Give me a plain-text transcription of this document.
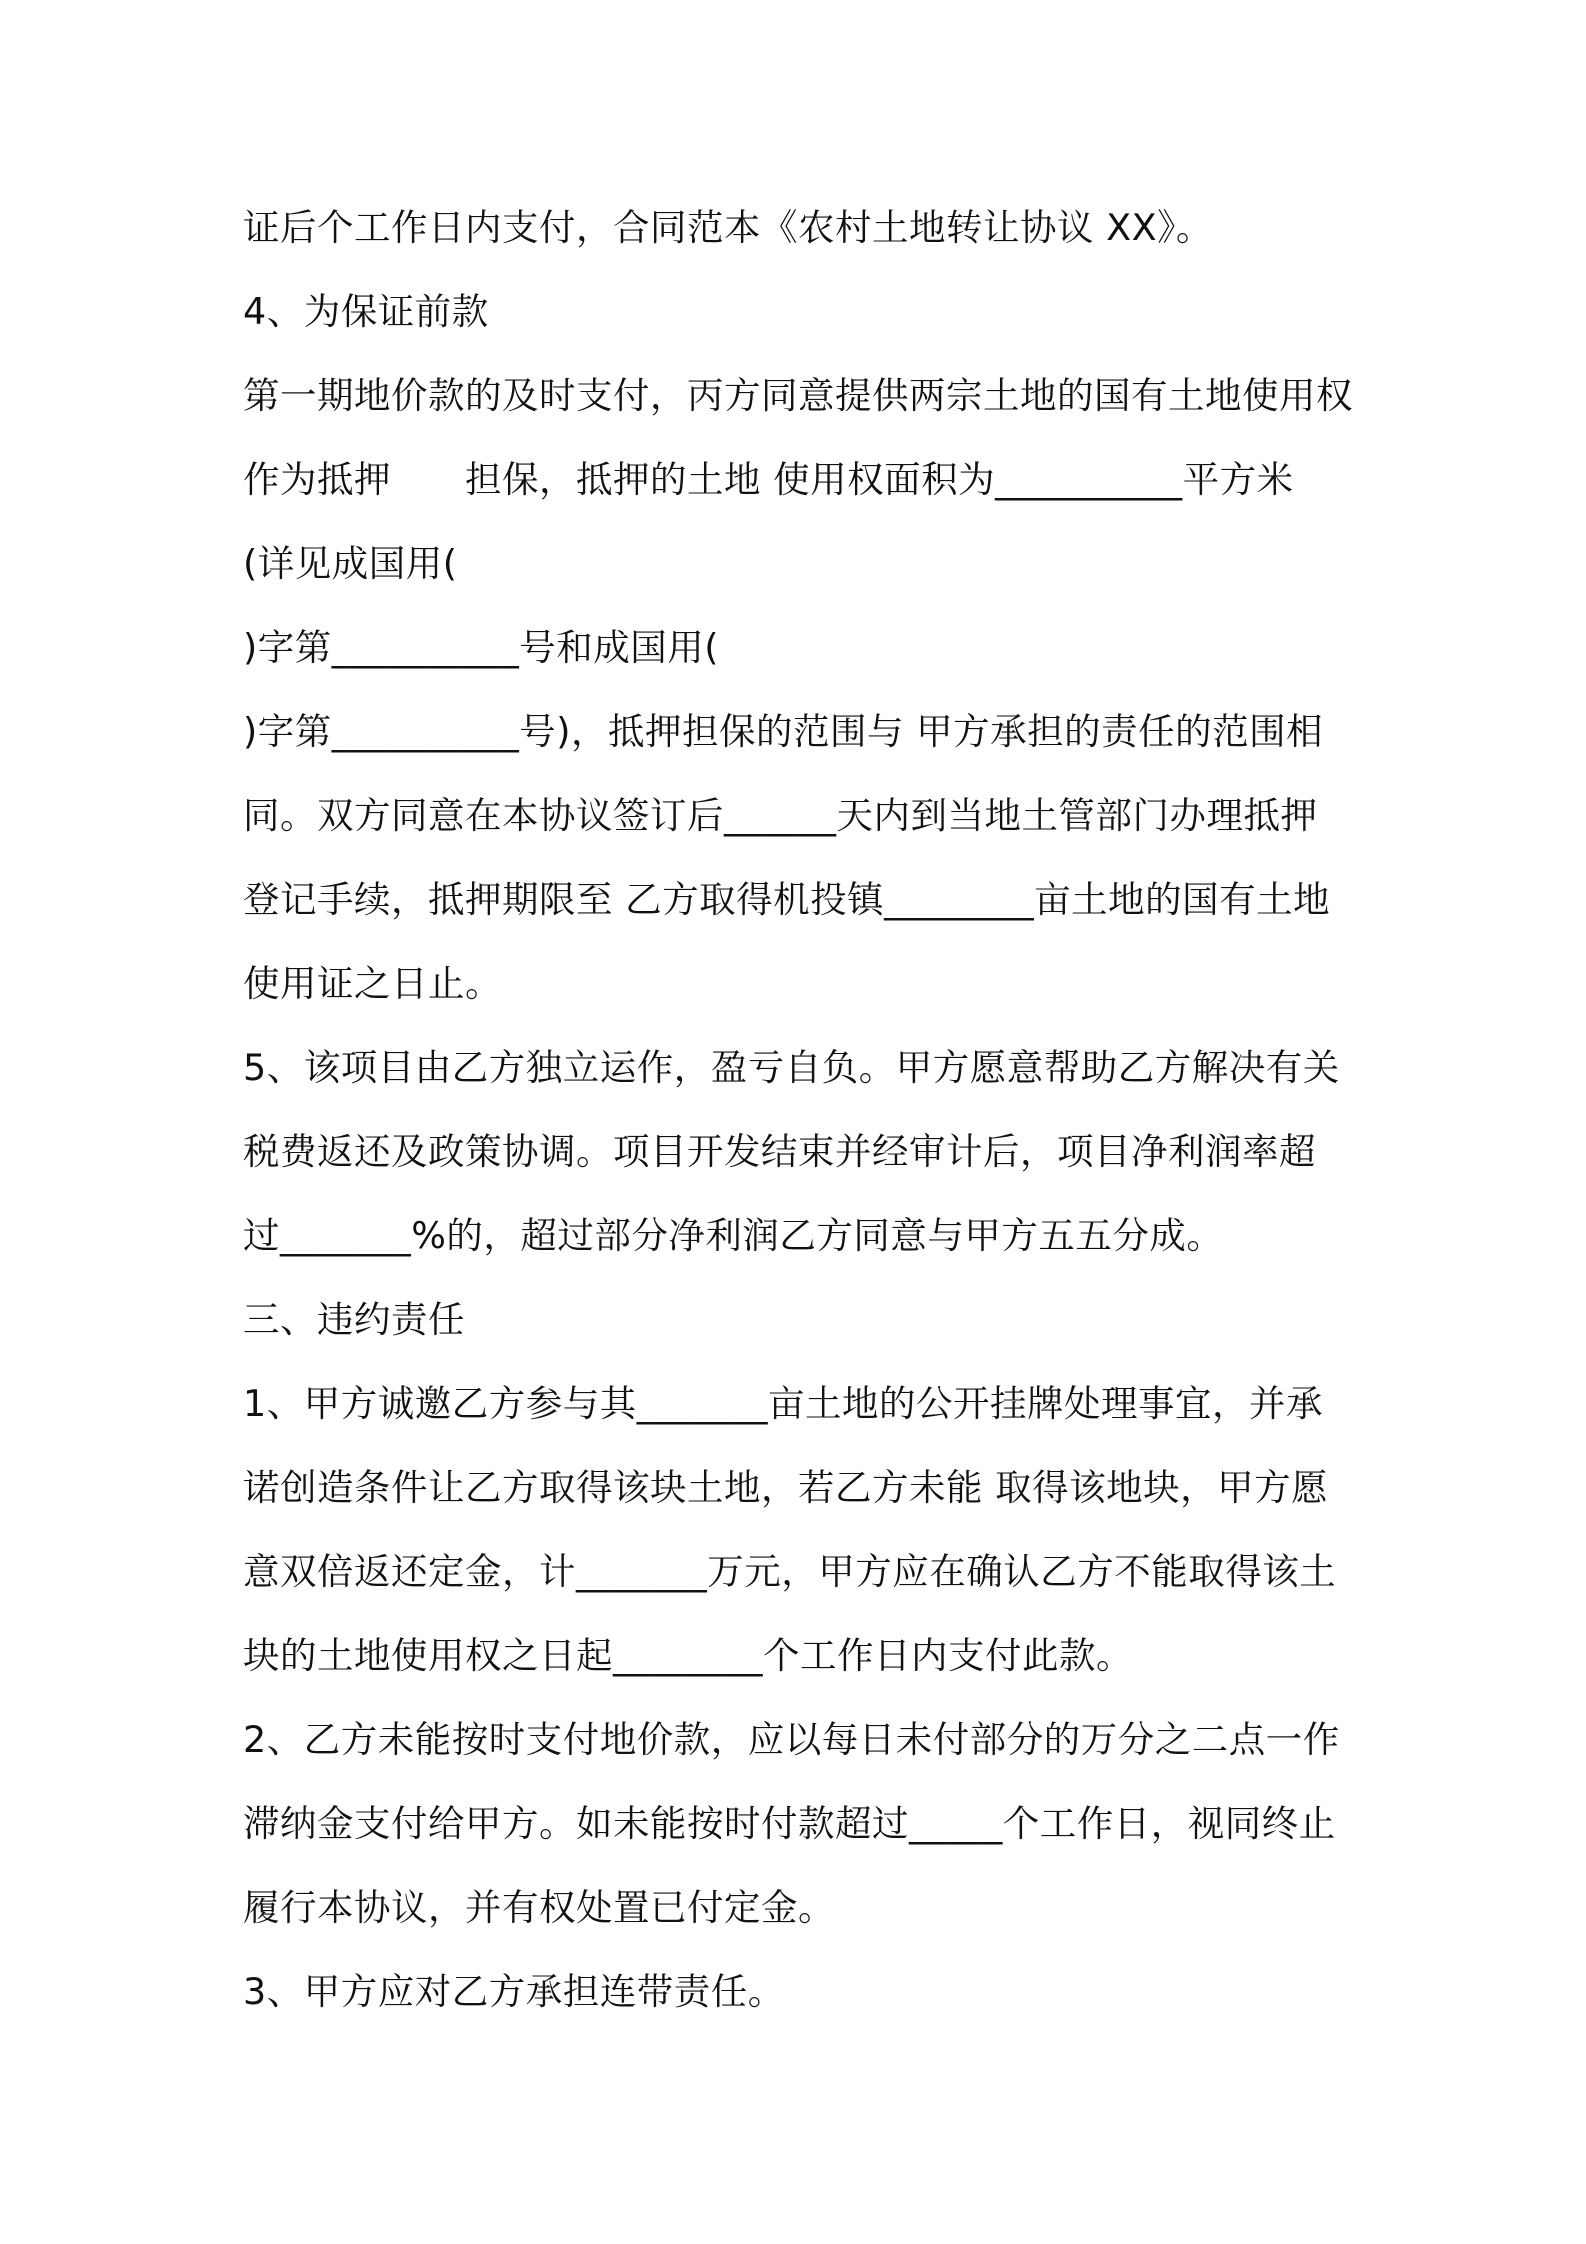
证后个工作日内支付，合同范本《农村土地转让协议 XX》。
4、为保证前款
第一期地价款的及时支付，丙方同意提供两宗土地的国有土地使用权
作为抵押　　担保，抵押的土地 使用权面积为__________平方米
(详见成国用(
)字第__________号和成国用(
)字第__________号)，抵押担保的范围与 甲方承担的责任的范围相
同。双方同意在本协议签订后______天内到当地土管部门办理抵押
登记手续，抵押期限至 乙方取得机投镇________亩土地的国有土地
使用证之日止。
5、该项目由乙方独立运作，盈亏自负。甲方愿意帮助乙方解决有关
税费返还及政策协调。项目开发结束并经审计后，项目净利润率超
过_______%的，超过部分净利润乙方同意与甲方五五分成。
三、违约责任
1、甲方诚邀乙方参与其_______亩土地的公开挂牌处理事宜，并承
诺创造条件让乙方取得该块土地，若乙方未能 取得该地块，甲方愿
意双倍返还定金，计_______万元，甲方应在确认乙方不能取得该土
块的土地使用权之日起________个工作日内支付此款。
2、乙方未能按时支付地价款，应以每日未付部分的万分之二点一作
滞纳金支付给甲方。如未能按时付款超过_____个工作日，视同终止
履行本协议，并有权处置已付定金。
3、甲方应对乙方承担连带责任。
